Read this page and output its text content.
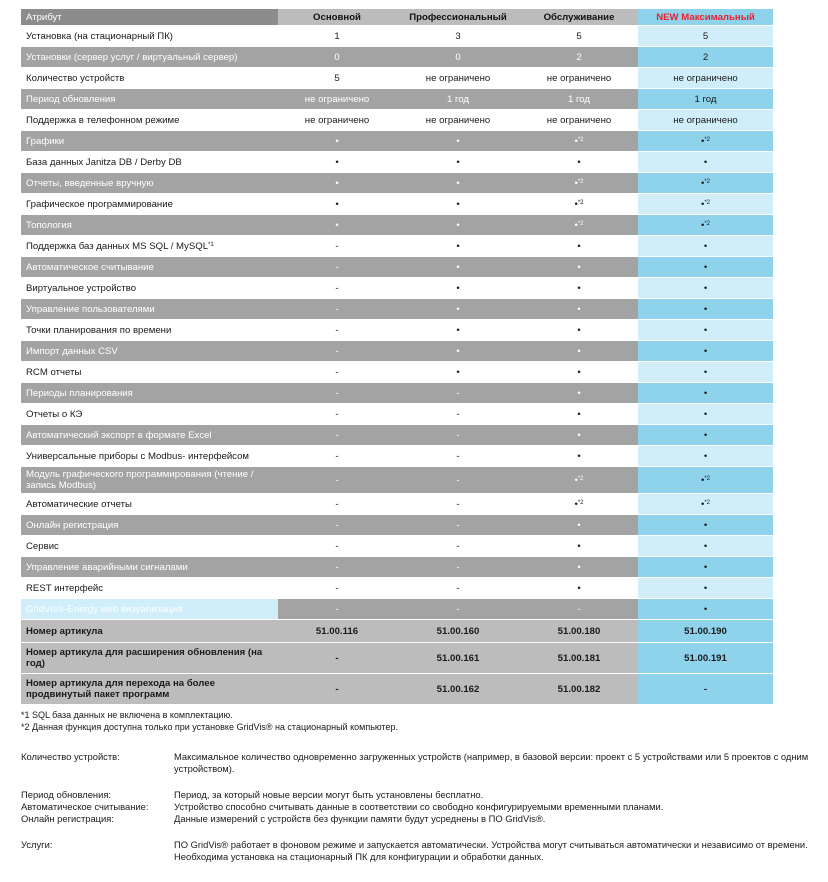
Атрибут	Основной	Профессиональный	Обслуживание	NEW Максимальный
Установка (на стационарный ПК)	1	3	5	5
Установки (сервер услуг / виртуальный сервер)	0	0	2	2
Количество устройств	5	не ограничено	не ограничено	не ограничено
Период обновления	не ограничено	1 год	1 год	1 год
Поддержка в телефонном режиме	не ограничено	не ограничено	не ограничено	не ограничено
Графики	•	•	•$^{*2}$	•$^{*2}$
База данных Janitza DB / Derby DB	•	•	•	•
Отчеты, введенные вручную	•	•	•$^{*2}$	•$^{*2}$
Графическое программирование	•	•	•$^{*2}$	•$^{*2}$
Топология	•	•	•$^{*2}$	•$^{*2}$
Поддержка баз данных MS SQL / MySQL$^{*1}$	-	•	•	•
Автоматическое считывание	-	•	•	•
Виртуальное устройство	-	•	•	•
Управление пользователями	-	•	•	•
Точки планирования по времени	-	•	•	•
Импорт данных CSV	-	•	•	•
RCM отчеты	-	•	•	•
Периоды планирования	-	-	•	•
Отчеты о КЭ	-	-	•	•
Автоматический экспорт в формате Excel	-	-	•	•
Универсальные приборы с Modbus- интерфейсом	-	-	•	•
Модуль графического программирования (чтение / запись Modbus)	-	-	•$^{*2}$	•$^{*2}$
Автоматические отчеты	-	-	•$^{*2}$	•$^{*2}$
Онлайн регистрация	-	-	•	•
Сервис	-	-	•	•
Управление аварийными сигналами	-	-	•	•
REST интерфейс	-	-	•	•
GridVis®-Energy web визуализация	-	-	-	•
Номер артикула	51.00.116	51.00.160	51.00.180	51.00.190
Номер артикула для расширения обновления (на год)	-	51.00.161	51.00.181	51.00.191
Номер артикула для перехода на более продвинутый пакет программ	-	51.00.162	51.00.182	-
*1 SQL база данных не включена в комплектацию.
*2 Данная функция доступна только при установке GridVis® на стационарный компьютер.
Количество устройств:	Максимальное количество одновременно загруженных устройств (например, в базовой версии: проект с 5 устройствами или 5 проектов с одним устройством).
Период обновления:	Период, за который новые версии могут быть установлены бесплатно.
Автоматическое считывание:	Устройство способно считывать данные в соответствии со свободно конфигурируемыми временными планами.
Онлайн регистрация:	Данные измерений с устройств без функции памяти будут усреднены в ПО GridVis®.
Услуги:	ПО GridVis® работает в фоновом режиме и запускается автоматически. Устройства могут считываться автоматически и независимо от времени. Необходима установка на стационарный ПК для конфигурации и обработки данных.
